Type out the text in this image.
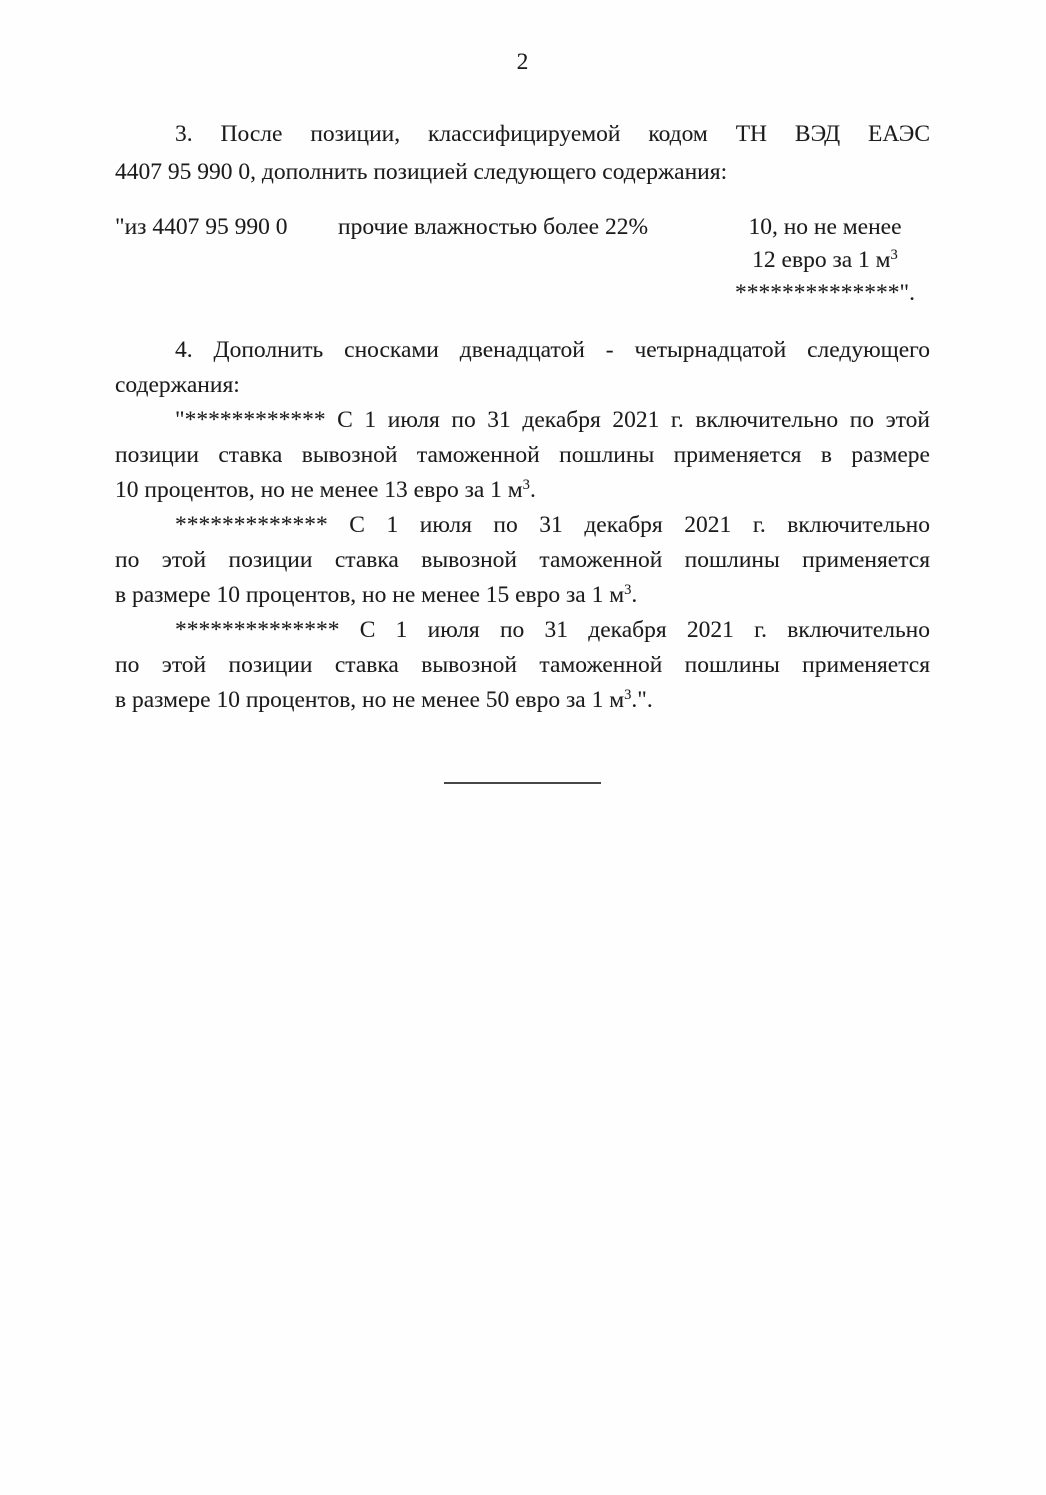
2
3. После позиции, классифицируемой кодом ТН ВЭД ЕАЭС
4407 95 990 0, дополнить позицией следующего содержания:
"из 4407 95 990 0	прочие влажностью более 22%	10, но не менее
12 евро за 1 $м^3$
**************".
4. Дополнить сносками двенадцатой - четырнадцатой следующего
содержания:
"************ С 1 июля по 31 декабря 2021 г. включительно по этой
позиции ставка вывозной таможенной пошлины применяется в размере
10 процентов, но не менее 13 евро за 1 $м^3$.
************* С 1 июля по 31 декабря 2021 г. включительно
по этой позиции ставка вывозной таможенной пошлины применяется
в размере 10 процентов, но не менее 15 евро за 1 $м^3$.
************** С 1 июля по 31 декабря 2021 г. включительно
по этой позиции ставка вывозной таможенной пошлины применяется
в размере 10 процентов, но не менее 50 евро за 1 $м^3$.".
